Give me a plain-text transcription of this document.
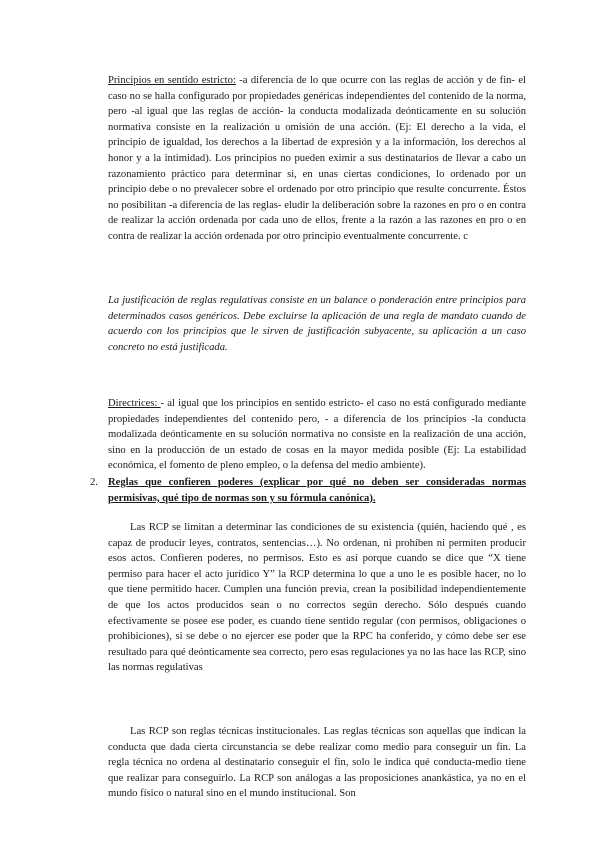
Principios en sentido estricto: -a diferencia de lo que ocurre con las reglas de acción y de fin- el caso no se halla configurado por propiedades genéricas independientes del contenido de la norma, pero -al igual que las reglas de acción- la conducta modalizada deónticamente en su solución normativa consiste en la realización u omisión de una acción. (Ej: El derecho a la vida, el principio de igualdad, los derechos a la libertad de expresión y a la información, los derechos al honor y a la intimidad). Los principios no pueden eximir a sus destinatarios de llevar a cabo un razonamiento práctico para determinar si, en unas ciertas condiciones, lo ordenado por un principio debe o no prevalecer sobre el ordenado por otro principio que resulte concurrente. Éstos no posibilitan -a diferencia de las reglas- eludir la deliberación sobre la razones en pro o en contra de realizar la acción ordenada por cada uno de ellos, frente a la razón a las razones en pro o en contra de realizar la acción ordenada por otro principio eventualmente concurrente. c

La justificación de reglas regulativas consiste en un balance o ponderación entre principios para determinados casos genéricos. Debe excluirse la aplicación de una regla de mandato cuando de acuerdo con los principios que le sirven de justificación subyacente, su aplicación a un caso concreto no está justificada.

Directrices: - al igual que los principios en sentido estricto- el caso no está configurado mediante propiedades independientes del contenido pero, - a diferencia de los principios -la conducta modalizada deónticamente en su solución normativa no consiste en la realización de una acción, sino en la producción de un estado de cosas en la mayor medida posible (Ej: La estabilidad económica, el fomento de pleno empleo, o la defensa del medio ambiente).

2. Reglas que confieren poderes (explicar por qué no deben ser consideradas normas permisivas, qué tipo de normas son y su fórmula canónica).

Las RCP se limitan a determinar las condiciones de su existencia (quién, haciendo qué , es capaz de producir leyes, contratos, sentencias…). No ordenan, ni prohíben ni permiten producir esos actos. Confieren poderes, no permisos. Esto es así porque cuando se dice que “X tiene permiso para hacer el acto jurídico Y” la RCP determina lo que a uno le es posible hacer, no lo que tiene permitido hacer. Cumplen una función previa, crean la posibilidad independientemente de que los actos producidos sean o no correctos según derecho. Sólo después cuando efectivamente se posee ese poder, es cuando tiene sentido regular (con permisos, obligaciones o prohibiciones), si se debe o no ejercer ese poder que la RPC ha conferido, y cómo debe ser ese resultado para qué deónticamente sea correcto, pero esas regulaciones ya no las hace las RCP, sino las normas regulativas

Las RCP son reglas técnicas institucionales. Las reglas técnicas son aquellas que indican la conducta que dada cierta circunstancia se debe realizar como medio para conseguir un fin. La regla técnica no ordena al destinatario conseguir el fin, solo le indica qué conducta-medio tiene que realizar para conseguirlo. La RCP son análogas a las proposiciones anankástica, ya no en el mundo físico o natural sino en el mundo institucional. Son
